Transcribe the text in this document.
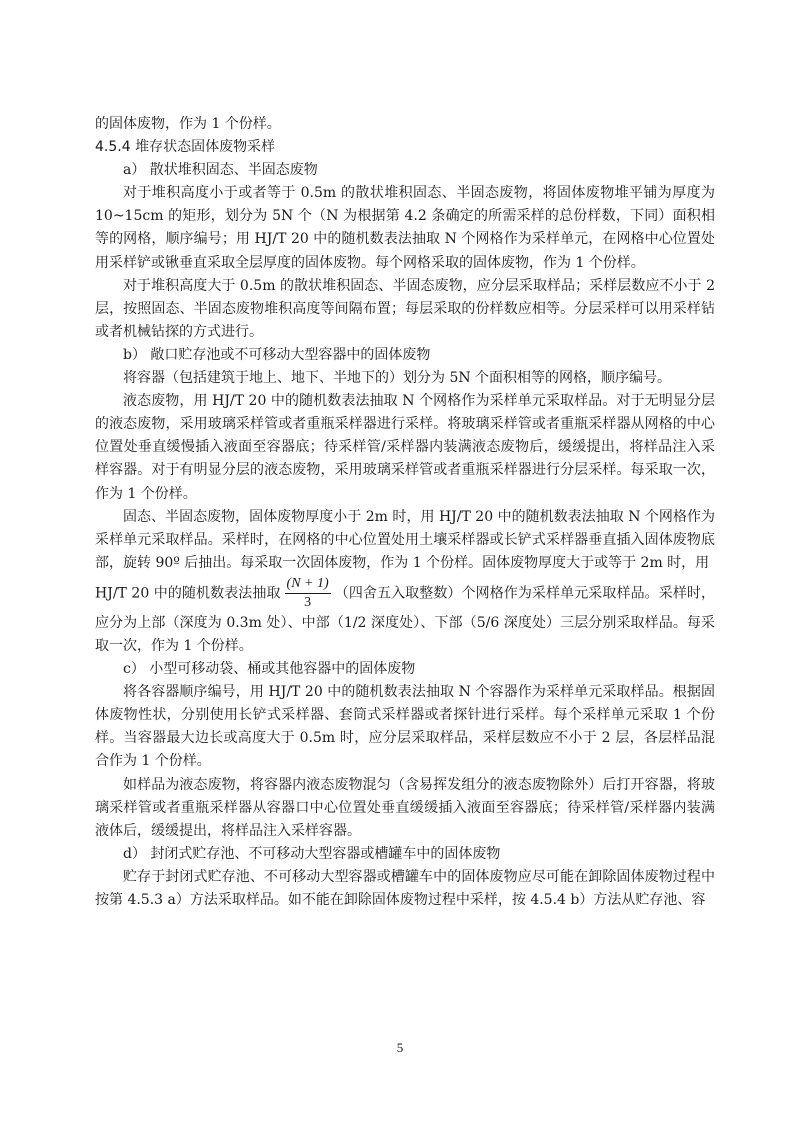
的固体废物，作为 1 个份样。

4.5.4 堆存状态固体废物采样

a） 散状堆积固态、半固态废物

对于堆积高度小于或者等于 0.5m 的散状堆积固态、半固态废物，将固体废物堆平铺为厚度为 10~15cm 的矩形，划分为 5N 个（N 为根据第 4.2 条确定的所需采样的总份样数，下同）面积相等的网格，顺序编号；用 HJ/T 20 中的随机数表法抽取 N 个网格作为采样单元，在网格中心位置处用采样铲或锹垂直采取全层厚度的固体废物。每个网格采取的固体废物，作为 1 个份样。

对于堆积高度大于 0.5m 的散状堆积固态、半固态废物，应分层采取样品；采样层数应不小于 2 层，按照固态、半固态废物堆积高度等间隔布置；每层采取的份样数应相等。分层采样可以用采样钻或者机械钻探的方式进行。

b） 敞口贮存池或不可移动大型容器中的固体废物

将容器（包括建筑于地上、地下、半地下的）划分为 5N 个面积相等的网格，顺序编号。

液态废物，用 HJ/T 20 中的随机数表法抽取 N 个网格作为采样单元采取样品。对于无明显分层的液态废物，采用玻璃采样管或者重瓶采样器进行采样。将玻璃采样管或者重瓶采样器从网格的中心位置处垂直缓慢插入液面至容器底；待采样管/采样器内装满液态废物后，缓缓提出，将样品注入采样容器。对于有明显分层的液态废物，采用玻璃采样管或者重瓶采样器进行分层采样。每采取一次，作为 1 个份样。

固态、半固态废物，固体废物厚度小于 2m 时，用 HJ/T 20 中的随机数表法抽取 N 个网格作为采样单元采取样品。采样时，在网格的中心位置处用土壤采样器或长铲式采样器垂直插入固体废物底部，旋转 90º 后抽出。每采取一次固体废物，作为 1 个份样。固体废物厚度大于或等于 2m 时，用

HJ/T 20 中的随机数表法抽取 $\frac{(N + 1)}{3}$ （四舍五入取整数）个网格作为采样单元采取样品。采样时，应分为上部（深度为 0.3m 处）、中部（1/2 深度处）、下部（5/6 深度处）三层分别采取样品。每采取一次，作为 1 个份样。

c） 小型可移动袋、桶或其他容器中的固体废物

将各容器顺序编号，用 HJ/T 20 中的随机数表法抽取 N 个容器作为采样单元采取样品。根据固体废物性状，分别使用长铲式采样器、套筒式采样器或者探针进行采样。每个采样单元采取 1 个份样。当容器最大边长或高度大于 0.5m 时，应分层采取样品，采样层数应不小于 2 层，各层样品混合作为 1 个份样。

如样品为液态废物，将容器内液态废物混匀（含易挥发组分的液态废物除外）后打开容器，将玻璃采样管或者重瓶采样器从容器口中心位置处垂直缓缓插入液面至容器底；待采样管/采样器内装满液体后，缓缓提出，将样品注入采样容器。

d） 封闭式贮存池、不可移动大型容器或槽罐车中的固体废物

贮存于封闭式贮存池、不可移动大型容器或槽罐车中的固体废物应尽可能在卸除固体废物过程中按第 4.5.3 a）方法采取样品。如不能在卸除固体废物过程中采样，按 4.5.4 b）方法从贮存池、容

5
